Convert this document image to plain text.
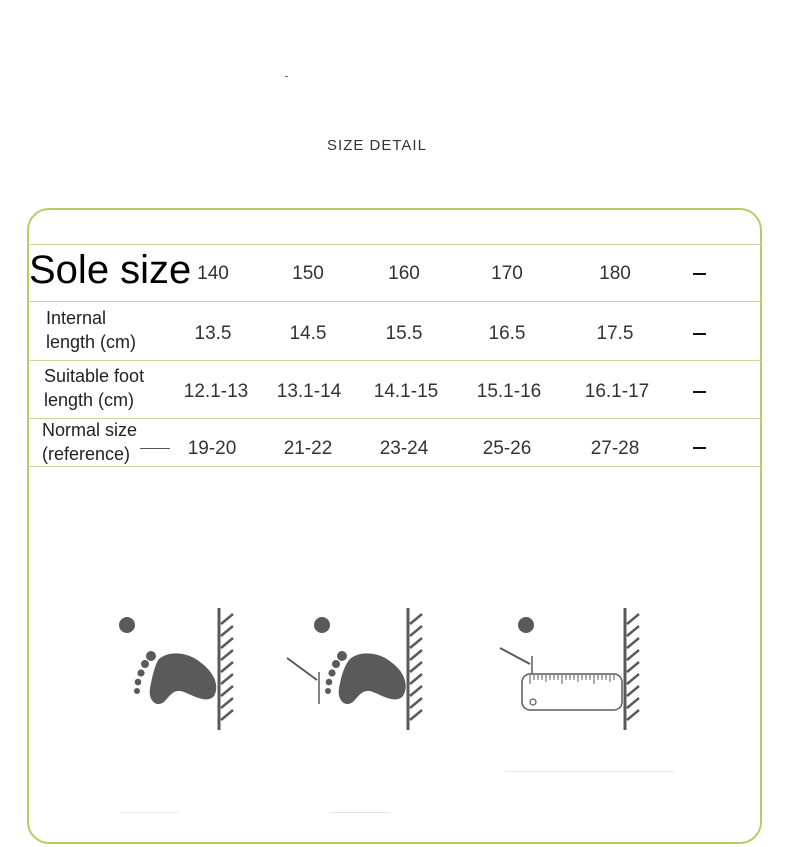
SIZE DETAIL
Sole size 140	150	160	170	180
Internal
length (cm)	13.5	14.5	15.5	16.5	17.5
Suitable foot
length (cm)	12.1-13	13.1-14	14.1-15	15.1-16	16.1-17
Normal size
(reference)	19-20	21-22	23-24	25-26	27-28
